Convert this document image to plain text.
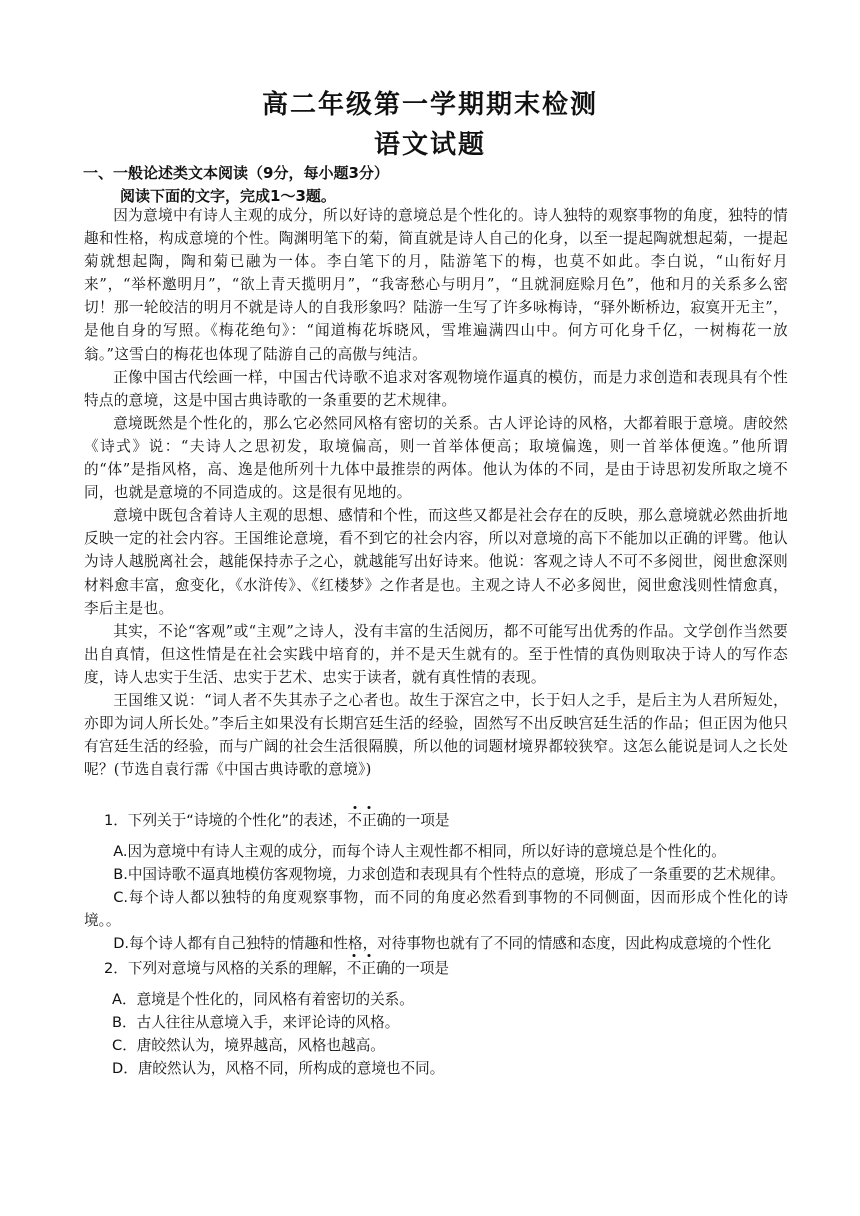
高二年级第一学期期末检测
语文试题
一、一般论述类文本阅读（9分，每小题3分）
阅读下面的文字，完成1～3题。

因为意境中有诗人主观的成分，所以好诗的意境总是个性化的。诗人独特的观察事物的角度，独特的情趣和性格，构成意境的个性。陶渊明笔下的菊，简直就是诗人自己的化身，以至一提起陶就想起菊，一提起菊就想起陶，陶和菊已融为一体。李白笔下的月，陆游笔下的梅，也莫不如此。李白说，“山衔好月来”，“举杯邀明月”，“欲上青天揽明月”，“我寄愁心与明月”，“且就洞庭赊月色”，他和月的关系多么密切！那一轮皎洁的明月不就是诗人的自我形象吗？陆游一生写了许多咏梅诗，“驿外断桥边，寂寞开无主”，是他自身的写照。《梅花绝句》：“闻道梅花坼晓风，雪堆遍满四山中。何方可化身千亿，一树梅花一放翁。”这雪白的梅花也体现了陆游自己的高傲与纯洁。

正像中国古代绘画一样，中国古代诗歌不追求对客观物境作逼真的模仿，而是力求创造和表现具有个性特点的意境，这是中国古典诗歌的一条重要的艺术规律。

意境既然是个性化的，那么它必然同风格有密切的关系。古人评论诗的风格，大都着眼于意境。唐皎然《诗式》说：“夫诗人之思初发，取境偏高，则一首举体便高；取境偏逸，则一首举体便逸。”他所谓的“体”是指风格，高、逸是他所列十九体中最推崇的两体。他认为体的不同，是由于诗思初发所取之境不同，也就是意境的不同造成的。这是很有见地的。

意境中既包含着诗人主观的思想、感情和个性，而这些又都是社会存在的反映，那么意境就必然曲折地反映一定的社会内容。王国维论意境，看不到它的社会内容，所以对意境的高下不能加以正确的评骘。他认为诗人越脱离社会，越能保持赤子之心，就越能写出好诗来。他说：客观之诗人不可不多阅世，阅世愈深则材料愈丰富，愈变化，《水浒传》、《红楼梦》之作者是也。主观之诗人不必多阅世，阅世愈浅则性情愈真，李后主是也。

其实，不论“客观”或“主观”之诗人，没有丰富的生活阅历，都不可能写出优秀的作品。文学创作当然要出自真情，但这性情是在社会实践中培育的，并不是天生就有的。至于性情的真伪则取决于诗人的写作态度，诗人忠实于生活、忠实于艺术、忠实于读者，就有真性情的表现。

王国维又说：“词人者不失其赤子之心者也。故生于深宫之中，长于妇人之手，是后主为人君所短处，亦即为词人所长处。”李后主如果没有长期宫廷生活的经验，固然写不出反映宫廷生活的作品；但正因为他只有宫廷生活的经验，而与广阔的社会生活很隔膜，所以他的词题材境界都较狭窄。这怎么能说是词人之长处呢？(节选自袁行霈《中国古典诗歌的意境》)

1．下列关于“诗境的个性化”的表述，不正确的一项是

A.因为意境中有诗人主观的成分，而每个诗人主观性都不相同，所以好诗的意境总是个性化的。

B.中国诗歌不逼真地模仿客观物境，力求创造和表现具有个性特点的意境，形成了一条重要的艺术规律。

C.每个诗人都以独特的角度观察事物，而不同的角度必然看到事物的不同侧面，因而形成个性化的诗境。。

D.每个诗人都有自己独特的情趣和性格，对待事物也就有了不同的情感和态度，因此构成意境的个性化

2．下列对意境与风格的关系的理解，不正确的一项是

A．意境是个性化的，同风格有着密切的关系。

B．古人往往从意境入手，来评论诗的风格。

C．唐皎然认为，境界越高，风格也越高。

D．唐皎然认为，风格不同，所构成的意境也不同。
